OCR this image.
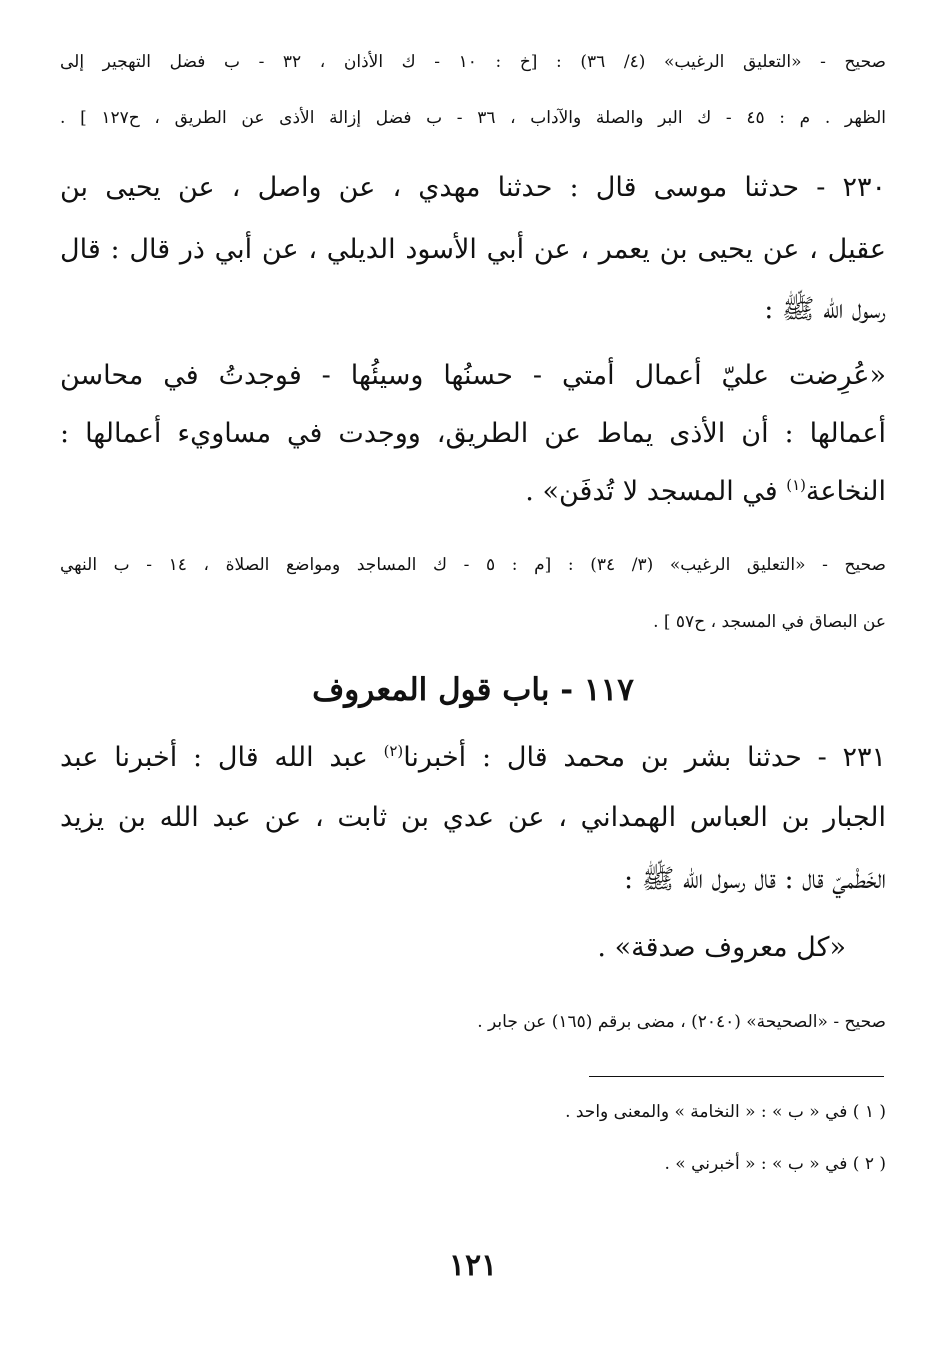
صحيح - «التعليق الرغيب» (٤/ ٣٦) : [خ : ١٠ - ك الأذان ، ٣٢ - ب فضل التهجير إلى
الظهر . م : ٤٥ - ك البر والصلة والآداب ، ٣٦ - ب فضل إزالة الأذى عن الطريق ، ح١٢٧ ] .
٢٣٠ - حدثنا موسى قال : حدثنا مهدي ، عن واصل ، عن يحيى بن
عقيل ، عن يحيى بن يعمر ، عن أبي الأسود الديلي ، عن أبي ذر قال : قال
رسول الله ﷺ :
«عُرِضت عليّ أعمال أمتي - حسنُها وسيئُها - فوجدتُ في محاسن
أعمالها : أن الأذى يماط عن الطريق، ووجدت في مساويء أعمالها :
النخاعة$^{(١)}$ في المسجد لا تُدفَن» .
صحيح - «التعليق الرغيب» (٣/ ٣٤) : [م : ٥ - ك المساجد ومواضع الصلاة ، ١٤ - ب النهي
عن البصاق في المسجد ، ح٥٧ ] .
١١٧ - باب قول المعروف
٢٣١ - حدثنا بشر بن محمد قال : أخبرنا$^{(٢)}$ عبد الله قال : أخبرنا عبد
الجبار بن العباس الهمداني ، عن عدي بن ثابت ، عن عبد الله بن يزيد
الخَطْميّ قال : قال رسول الله ﷺ :
«كل معروف صدقة» .
صحيح - «الصحيحة» (٢٠٤٠) ، مضى برقم (١٦٥) عن جابر .
( ١ ) في « ب » : « النخامة » والمعنى واحد .
( ٢ ) في « ب » : « أخبرني » .
١٢١
